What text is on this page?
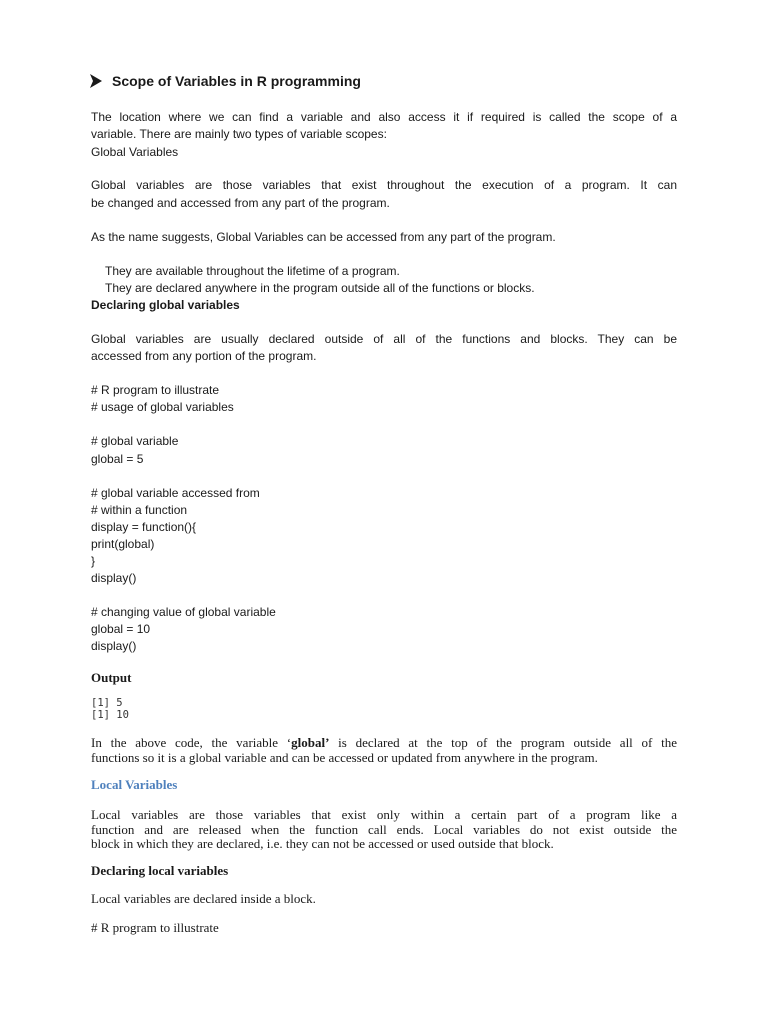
Scope of Variables in R programming
The location where we can find a variable and also access it if required is called the scope of a
variable. There are mainly two types of variable scopes:
Global Variables
Global variables are those variables that exist throughout the execution of a program. It can
be changed and accessed from any part of the program.
As the name suggests, Global Variables can be accessed from any part of the program.
They are available throughout the lifetime of a program.
They are declared anywhere in the program outside all of the functions or blocks.
Declaring global variables
Global variables are usually declared outside of all of the functions and blocks. They can be
accessed from any portion of the program.
# R program to illustrate
# usage of global variables
# global variable
global = 5
# global variable accessed from
# within a function
display = function(){
print(global)
}
display()
# changing value of global variable
global = 10
display()
Output
[1] 5
[1] 10
In the above code, the variable ‘global’ is declared at the top of the program outside all of the
functions so it is a global variable and can be accessed or updated from anywhere in the program.
Local Variables
Local variables are those variables that exist only within a certain part of a program like a
function and are released when the function call ends. Local variables do not exist outside the
block in which they are declared, i.e. they can not be accessed or used outside that block.
Declaring local variables
Local variables are declared inside a block.
# R program to illustrate
